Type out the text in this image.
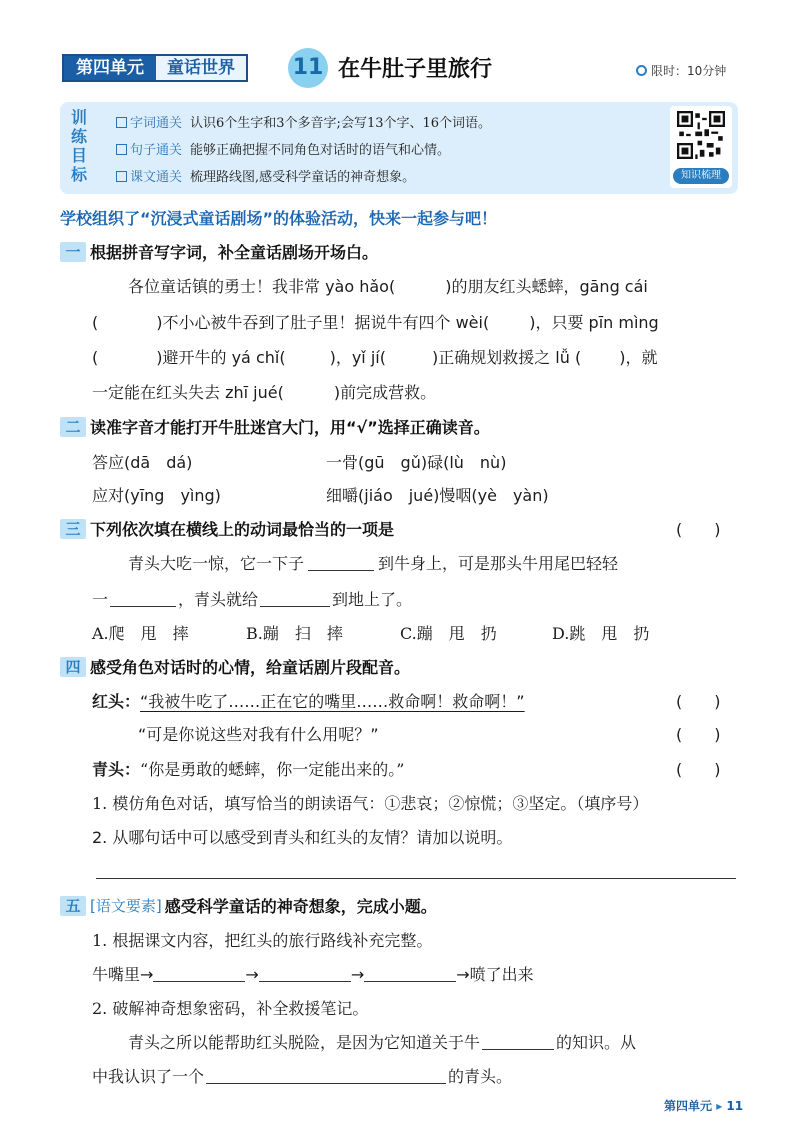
第四单元	童话世界	11 在牛肚子里旅行	限时：10分钟
训练目标
字词通关 认识6个生字和3个多音字;会写13个字、16个词语。
句子通关 能够正确把握不同角色对话时的语气和心情。
课文通关 梳理路线图,感受科学童话的神奇想象。	知识梳理
学校组织了“沉浸式童话剧场”的体验活动，快来一起参与吧！
一 根据拼音写字词，补全童话剧场开场白。
各位童话镇的勇士！我非常 yào hǎo(	)的朋友红头蟋蟀，gāng cái
(	)不小心被牛吞到了肚子里！据说牛有四个 wèi(	)，只要 pīn mìng
(	)避开牛的 yá chǐ(	)，yǐ jí(	)正确规划救援之 lǚ ( )，就
一定能在红头失去 zhī jué(	)前完成营救。
二 读准字音才能打开牛肚迷宫大门，用“√”选择正确读音。
答应(dā　dá)	一骨(gū　gǔ)碌(lù　nù)
应对(yīng　yìng)	细嚼(jiáo　jué)慢咽(yè　yàn)
三 下列依次填在横线上的动词最恰当的一项是	(　　)
青头大吃一惊，它一下子	到牛身上，可是那头牛用尾巴轻轻
一	，青头就给	到地上了。
A.爬　甩　摔	B.蹦　扫　摔	C.蹦　甩　扔	D.跳　甩　扔
四 感受角色对话时的心情，给童话剧片段配音。
红头：“我被牛吃了……正在它的嘴里……救命啊！救命啊！”	(　　)
“可是你说这些对我有什么用呢？”	(　　)
青头：“你是勇敢的蟋蟀，你一定能出来的。”	(　　)
1. 模仿角色对话，填写恰当的朗读语气：①悲哀；②惊慌；③坚定。（填序号）
2. 从哪句话中可以感受到青头和红头的友情？请加以说明。
五 [语文要素] 感受科学童话的神奇想象，完成小题。
1. 根据课文内容，把红头的旅行路线补充完整。
牛嘴里→	→	→	→喷了出来
2. 破解神奇想象密码，补全救援笔记。
青头之所以能帮助红头脱险，是因为它知道关于牛	的知识。从
中我认识了一个	的青头。
第四单元 ▸ 11
